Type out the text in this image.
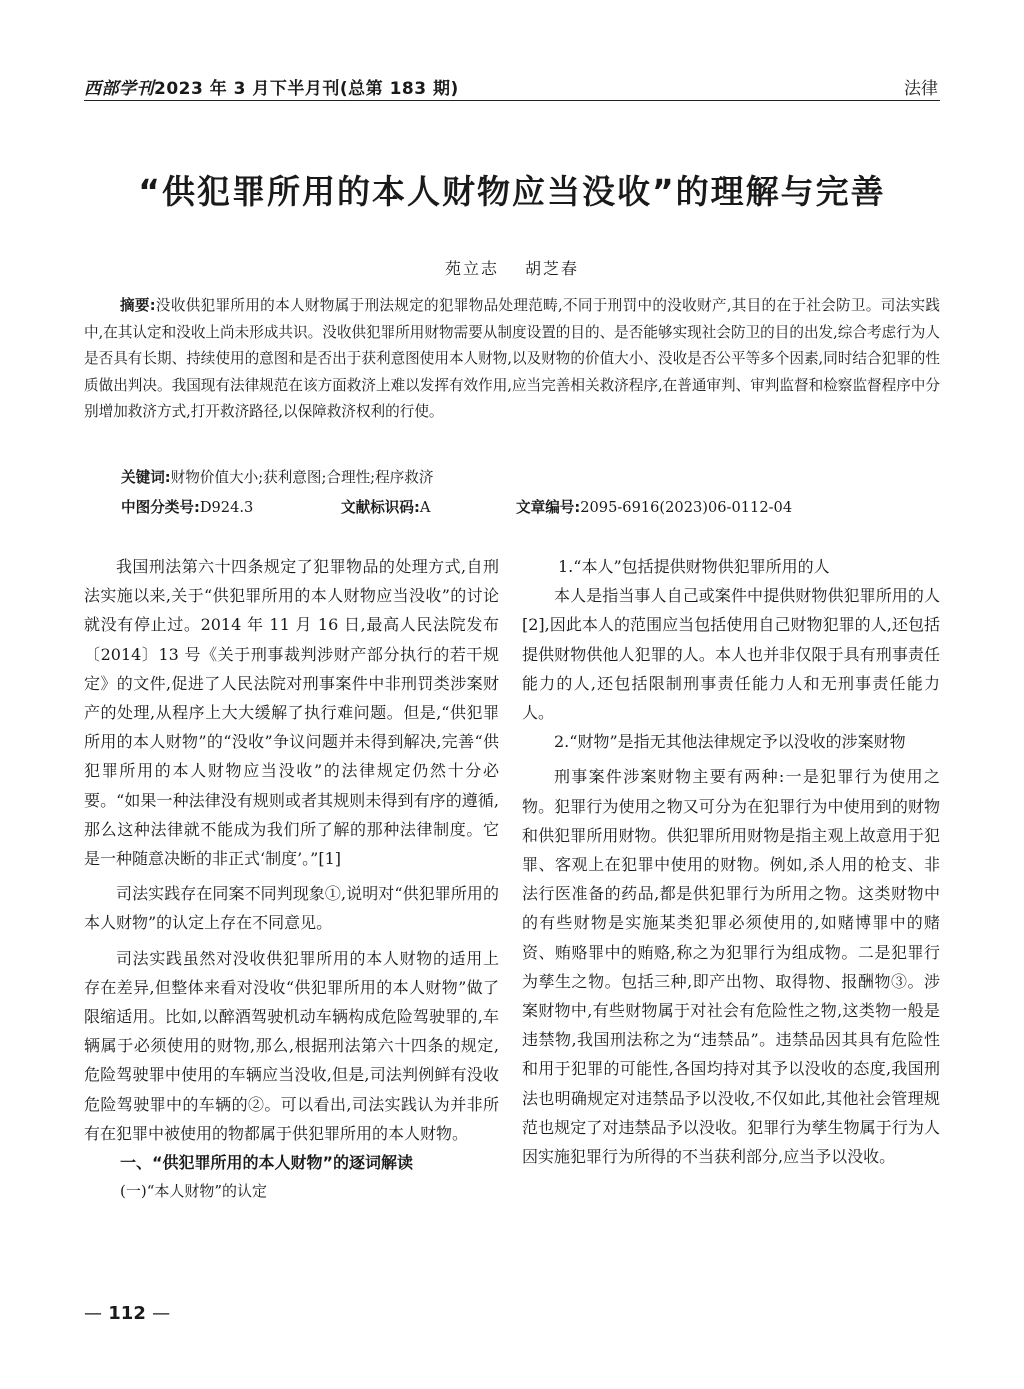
西部学刊2023 年 3 月下半月刊(总第 183 期)	法律
“供犯罪所用的本人财物应当没收”的理解与完善
苑立志 胡芝春

摘要:没收供犯罪所用的本人财物属于刑法规定的犯罪物品处理范畴,不同于刑罚中的没收财产,其目的在于社会防卫。司法实践中,在其认定和没收上尚未形成共识。没收供犯罪所用财物需要从制度设置的目的、是否能够实现社会防卫的目的出发,综合考虑行为人是否具有长期、持续使用的意图和是否出于获利意图使用本人财物,以及财物的价值大小、没收是否公平等多个因素,同时结合犯罪的性质做出判决。我国现有法律规范在该方面救济上难以发挥有效作用,应当完善相关救济程序,在普通审判、审判监督和检察监督程序中分别增加救济方式,打开救济路径,以保障救济权利的行使。

关键词:财物价值大小;获利意图;合理性;程序救济
中图分类号:D924.3	文献标识码:A	文章编号:2095-6916(2023)06-0112-04

我国刑法第六十四条规定了犯罪物品的处理方式,自刑法实施以来,关于“供犯罪所用的本人财物应当没收”的讨论就没有停止过。2014 年 11 月 16 日,最高人民法院发布〔2014〕13 号《关于刑事裁判涉财产部分执行的若干规定》的文件,促进了人民法院对刑事案件中非刑罚类涉案财产的处理,从程序上大大缓解了执行难问题。但是,“供犯罪所用的本人财物”的“没收”争议问题并未得到解决,完善“供犯罪所用的本人财物应当没收”的法律规定仍然十分必要。“如果一种法律没有规则或者其规则未得到有序的遵循,那么这种法律就不能成为我们所了解的那种法律制度。它是一种随意决断的非正式‘制度’。”[1]

司法实践存在同案不同判现象①,说明对“供犯罪所用的本人财物”的认定上存在不同意见。

司法实践虽然对没收供犯罪所用的本人财物的适用上存在差异,但整体来看对没收“供犯罪所用的本人财物”做了限缩适用。比如,以醉酒驾驶机动车辆构成危险驾驶罪的,车辆属于必须使用的财物,那么,根据刑法第六十四条的规定,危险驾驶罪中使用的车辆应当没收,但是,司法判例鲜有没收危险驾驶罪中的车辆的②。可以看出,司法实践认为并非所有在犯罪中被使用的物都属于供犯罪所用的本人财物。

一、“供犯罪所用的本人财物”的逐词解读
(一)“本人财物”的认定
1.“本人”包括提供财物供犯罪所用的人

本人是指当事人自己或案件中提供财物供犯罪所用的人[2],因此本人的范围应当包括使用自己财物犯罪的人,还包括提供财物供他人犯罪的人。本人也并非仅限于具有刑事责任能力的人,还包括限制刑事责任能力人和无刑事责任能力人。

2.“财物”是指无其他法律规定予以没收的涉案财物

刑事案件涉案财物主要有两种:一是犯罪行为使用之物。犯罪行为使用之物又可分为在犯罪行为中使用到的财物和供犯罪所用财物。供犯罪所用财物是指主观上故意用于犯罪、客观上在犯罪中使用的财物。例如,杀人用的枪支、非法行医准备的药品,都是供犯罪行为所用之物。这类财物中的有些财物是实施某类犯罪必须使用的,如赌博罪中的赌资、贿赂罪中的贿赂,称之为犯罪行为组成物。二是犯罪行为孳生之物。包括三种,即产出物、取得物、报酬物③。涉案财物中,有些财物属于对社会有危险性之物,这类物一般是违禁物,我国刑法称之为“违禁品”。违禁品因其具有危险性和用于犯罪的可能性,各国均持对其予以没收的态度,我国刑法也明确规定对违禁品予以没收,不仅如此,其他社会管理规范也规定了对违禁品予以没收。犯罪行为孳生物属于行为人因实施犯罪行为所得的不当获利部分,应当予以没收。

— 112 —
